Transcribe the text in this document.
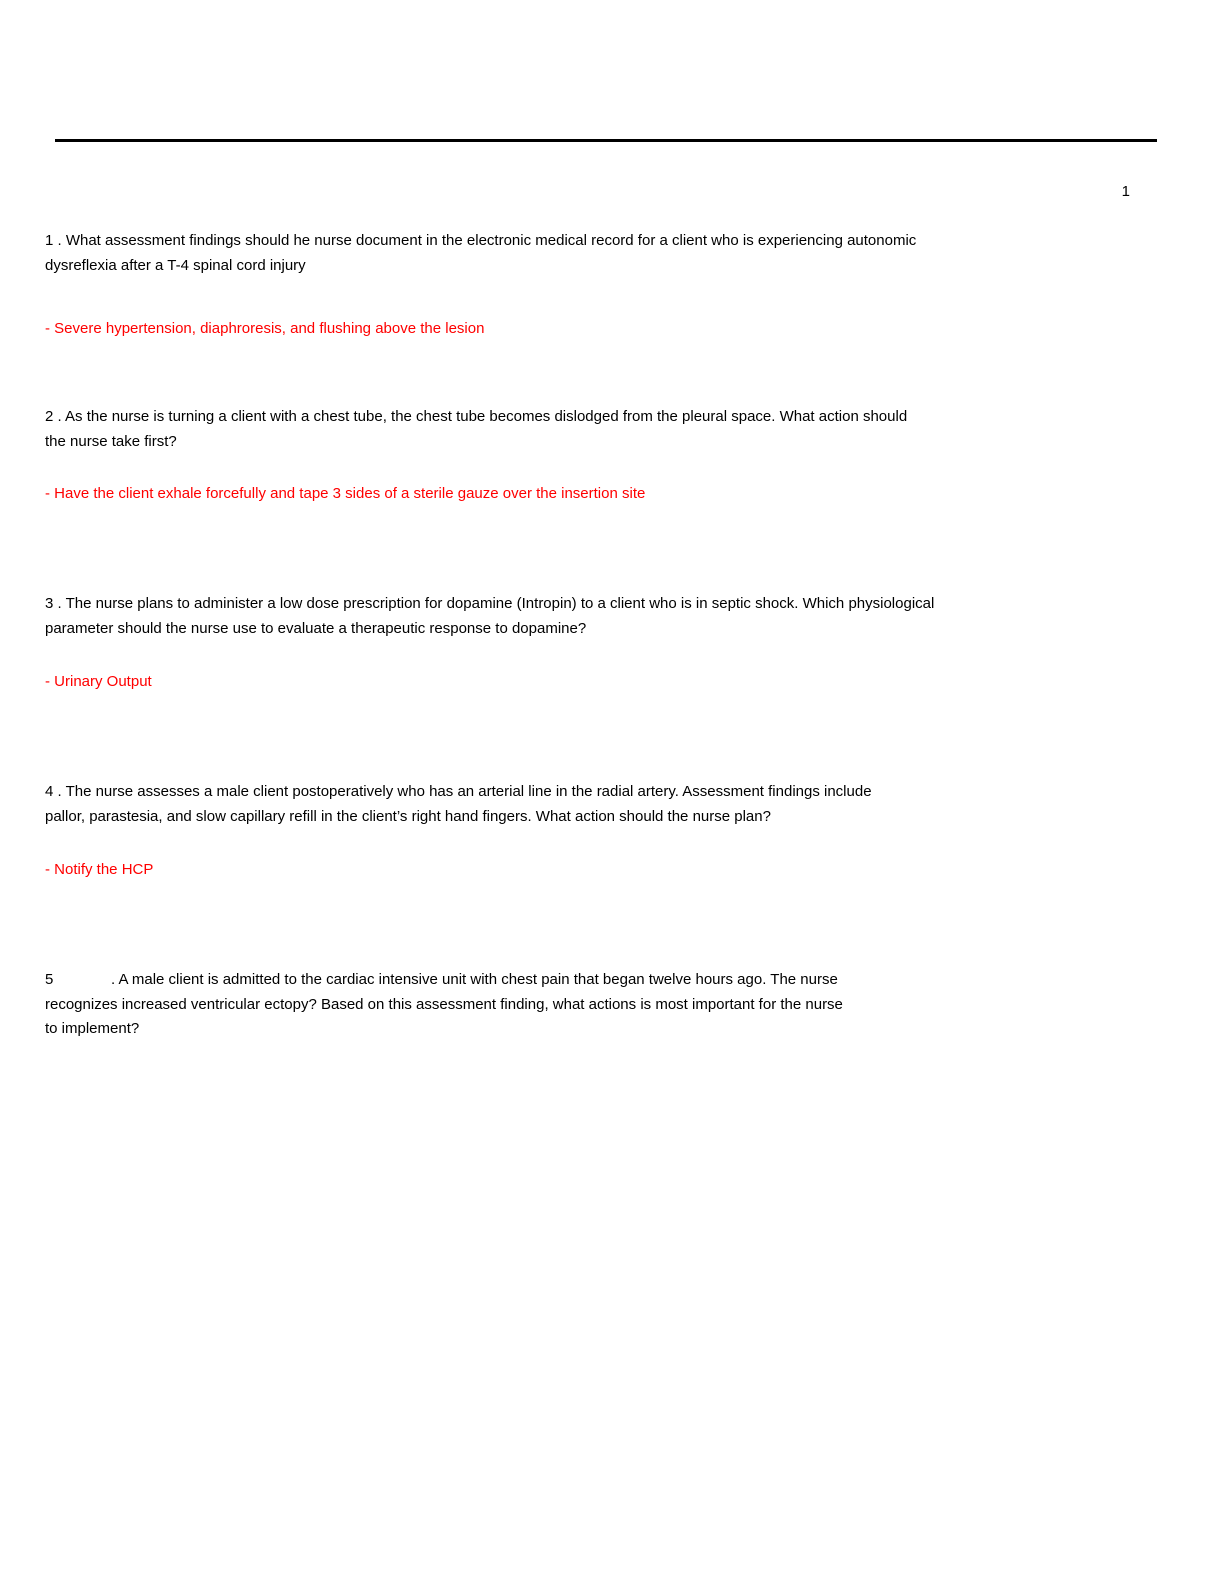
1
1 . What assessment findings should he nurse document in the electronic medical record for a client who is experiencing autonomic
dysreflexia after a T-4 spinal cord injury
- Severe hypertension, diaphroresis, and flushing above the lesion
2 . As the nurse is turning a client with a chest tube, the chest tube becomes dislodged from the pleural space. What action should
the nurse take first?
- Have the client exhale forcefully and tape 3 sides of a sterile gauze over the insertion site
3 . The nurse plans to administer a low dose prescription for dopamine (Intropin) to a client who is in septic shock. Which physiological
parameter should the nurse use to evaluate a therapeutic response to dopamine?
- Urinary Output
4 . The nurse assesses a male client postoperatively who has an arterial line in the radial artery. Assessment findings include
pallor, parastesia, and slow capillary refill in the client’s right hand fingers. What action should the nurse plan?
- Notify the HCP
5	. A male client is admitted to the cardiac intensive unit with chest pain that began twelve hours ago. The nurse
recognizes increased ventricular ectopy? Based on this assessment finding, what actions is most important for the nurse
to implement?
